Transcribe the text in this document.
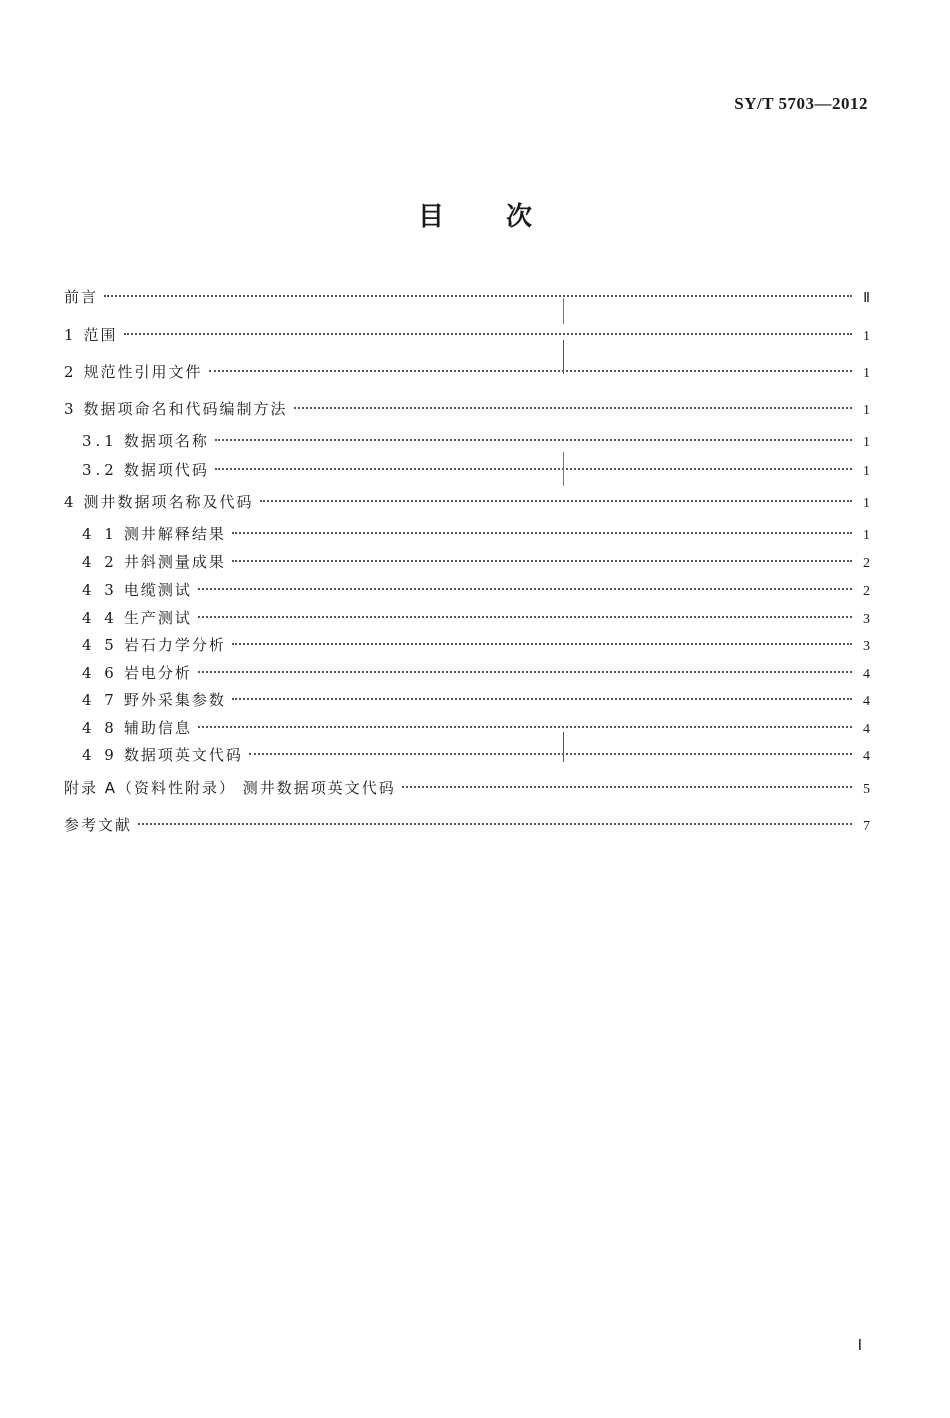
SY/T 5703—2012
目次
前言	Ⅱ
1 范围	1
2 规范性引用文件	1
3 数据项命名和代码编制方法	1
3.1 数据项名称	1
3.2 数据项代码	1
4 测井数据项名称及代码	1
4 1 测井解释结果	1
4 2 井斜测量成果	2
4 3 电缆测试	2
4 4 生产测试	3
4 5 岩石力学分析	3
4 6 岩电分析	4
4 7 野外采集参数	4
4 8 辅助信息	4
4 9 数据项英文代码	4
附录 A（资料性附录） 测井数据项英文代码	5
参考文献	7
Ⅰ
